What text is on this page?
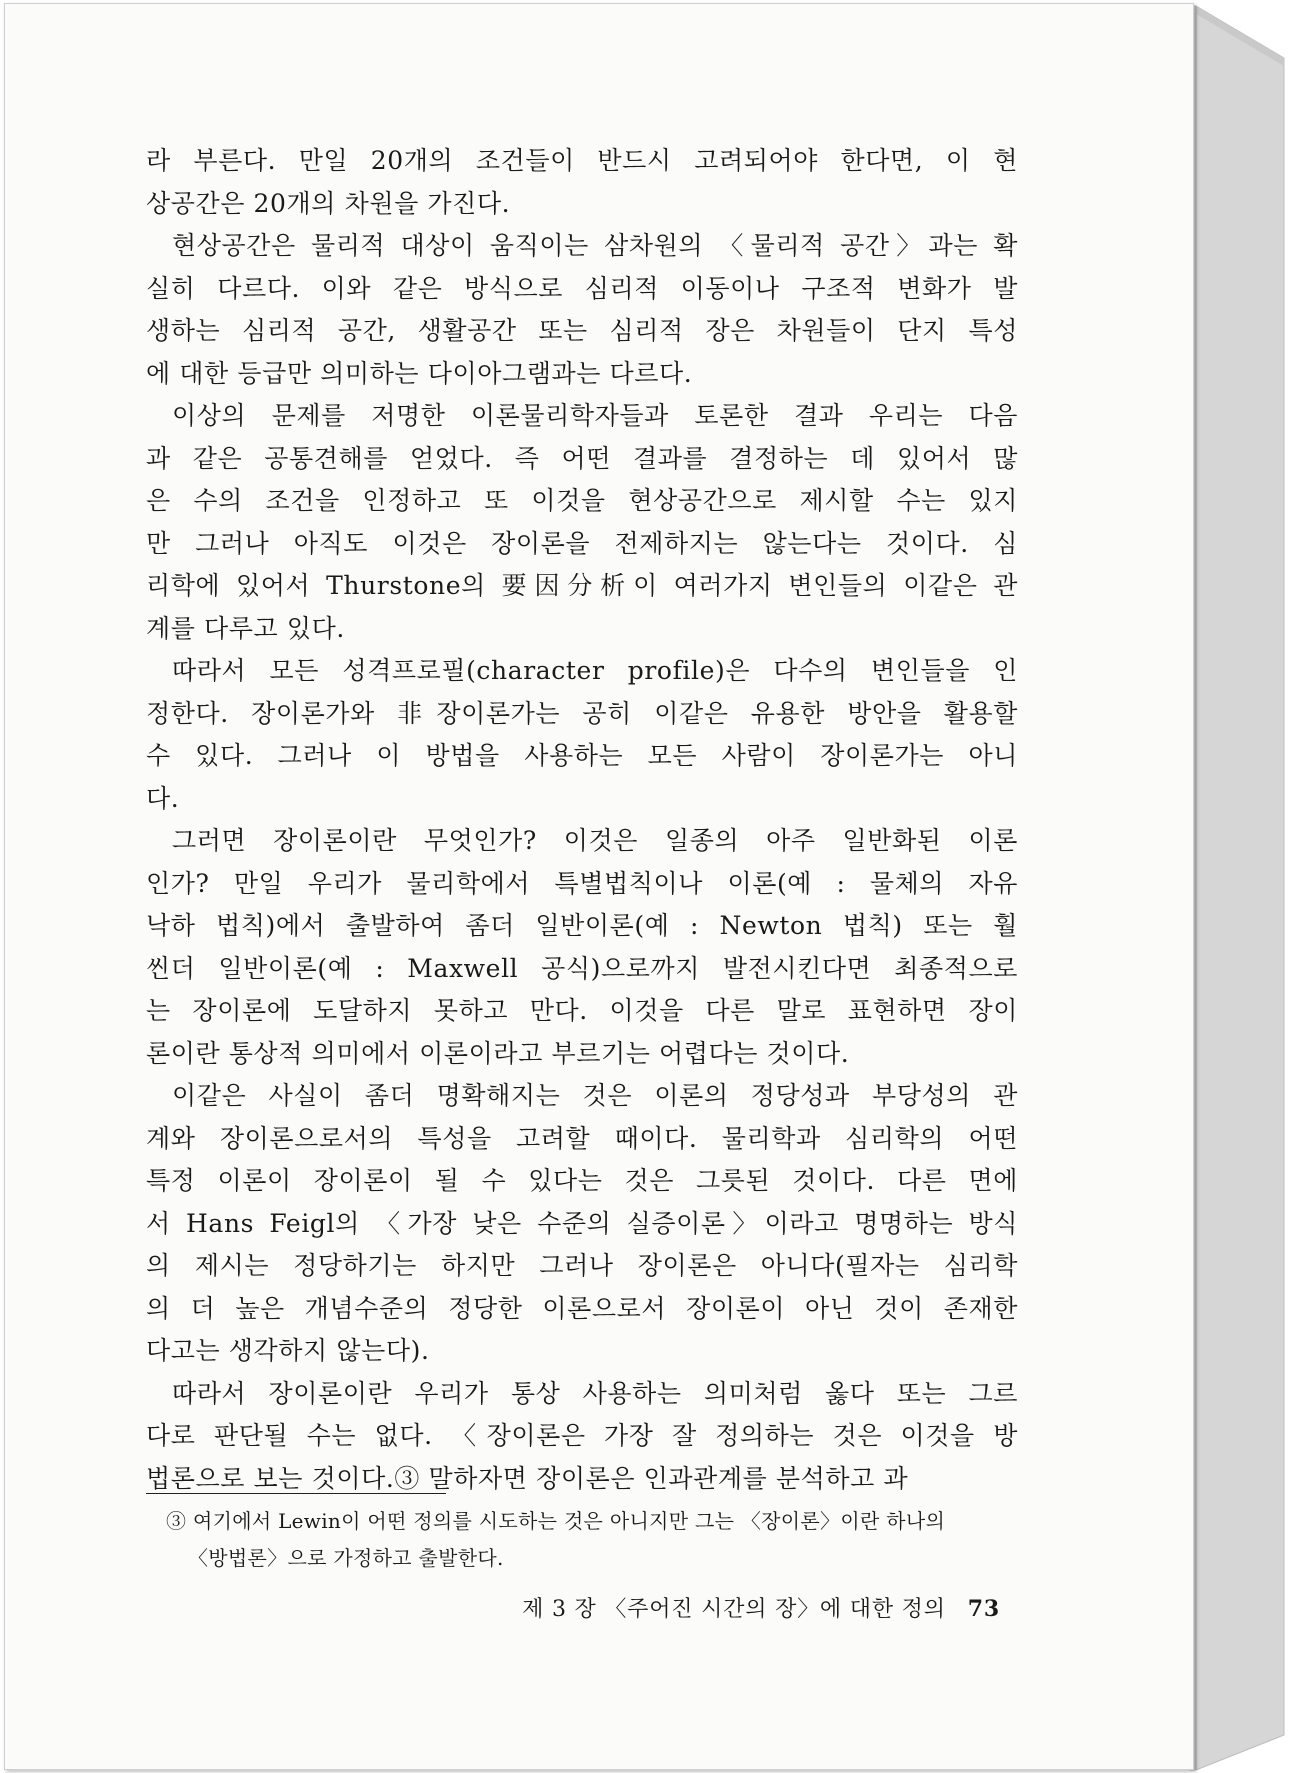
라 부른다. 만일 20개의 조건들이 반드시 고려되어야 한다면, 이 현
상공간은 20개의 차원을 가진다.

현상공간은 물리적 대상이 움직이는 삼차원의 〈물리적 공간〉과는 확
실히 다르다. 이와 같은 방식으로 심리적 이동이나 구조적 변화가 발
생하는 심리적 공간, 생활공간 또는 심리적 장은 차원들이 단지 특성
에 대한 등급만 의미하는 다이아그램과는 다르다.

이상의 문제를 저명한 이론물리학자들과 토론한 결과 우리는 다음
과 같은 공통견해를 얻었다. 즉 어떤 결과를 결정하는 데 있어서 많
은 수의 조건을 인정하고 또 이것을 현상공간으로 제시할 수는 있지
만 그러나 아직도 이것은 장이론을 전제하지는 않는다는 것이다. 심
리학에 있어서 Thurstone의 要因分析이 여러가지 변인들의 이같은 관
계를 다루고 있다.

따라서 모든 성격프로필(character profile)은 다수의 변인들을 인
정한다. 장이론가와 非장이론가는 공히 이같은 유용한 방안을 활용할
수 있다. 그러나 이 방법을 사용하는 모든 사람이 장이론가는 아니
다.

그러면 장이론이란 무엇인가? 이것은 일종의 아주 일반화된 이론
인가? 만일 우리가 물리학에서 특별법칙이나 이론(예 : 물체의 자유
낙하 법칙)에서 출발하여 좀더 일반이론(예 : Newton 법칙) 또는 훨
씬더 일반이론(예 : Maxwell 공식)으로까지 발전시킨다면 최종적으로
는 장이론에 도달하지 못하고 만다. 이것을 다른 말로 표현하면 장이
론이란 통상적 의미에서 이론이라고 부르기는 어렵다는 것이다.

이같은 사실이 좀더 명확해지는 것은 이론의 정당성과 부당성의 관
계와 장이론으로서의 특성을 고려할 때이다. 물리학과 심리학의 어떤
특정 이론이 장이론이 될 수 있다는 것은 그릇된 것이다. 다른 면에
서 Hans Feigl의 〈가장 낮은 수준의 실증이론〉이라고 명명하는 방식
의 제시는 정당하기는 하지만 그러나 장이론은 아니다(필자는 심리학
의 더 높은 개념수준의 정당한 이론으로서 장이론이 아닌 것이 존재한
다고는 생각하지 않는다).

따라서 장이론이란 우리가 통상 사용하는 의미처럼 옳다 또는 그르
다로 판단될 수는 없다. 〈장이론은 가장 잘 정의하는 것은 이것을 방
법론으로 보는 것이다.③ 말하자면 장이론은 인과관계를 분석하고 과

③ 여기에서 Lewin이 어떤 정의를 시도하는 것은 아니지만 그는 〈장이론〉이란 하나의
〈방법론〉으로 가정하고 출발한다.
제 3 장 〈주어진 시간의 장〉에 대한 정의 73
